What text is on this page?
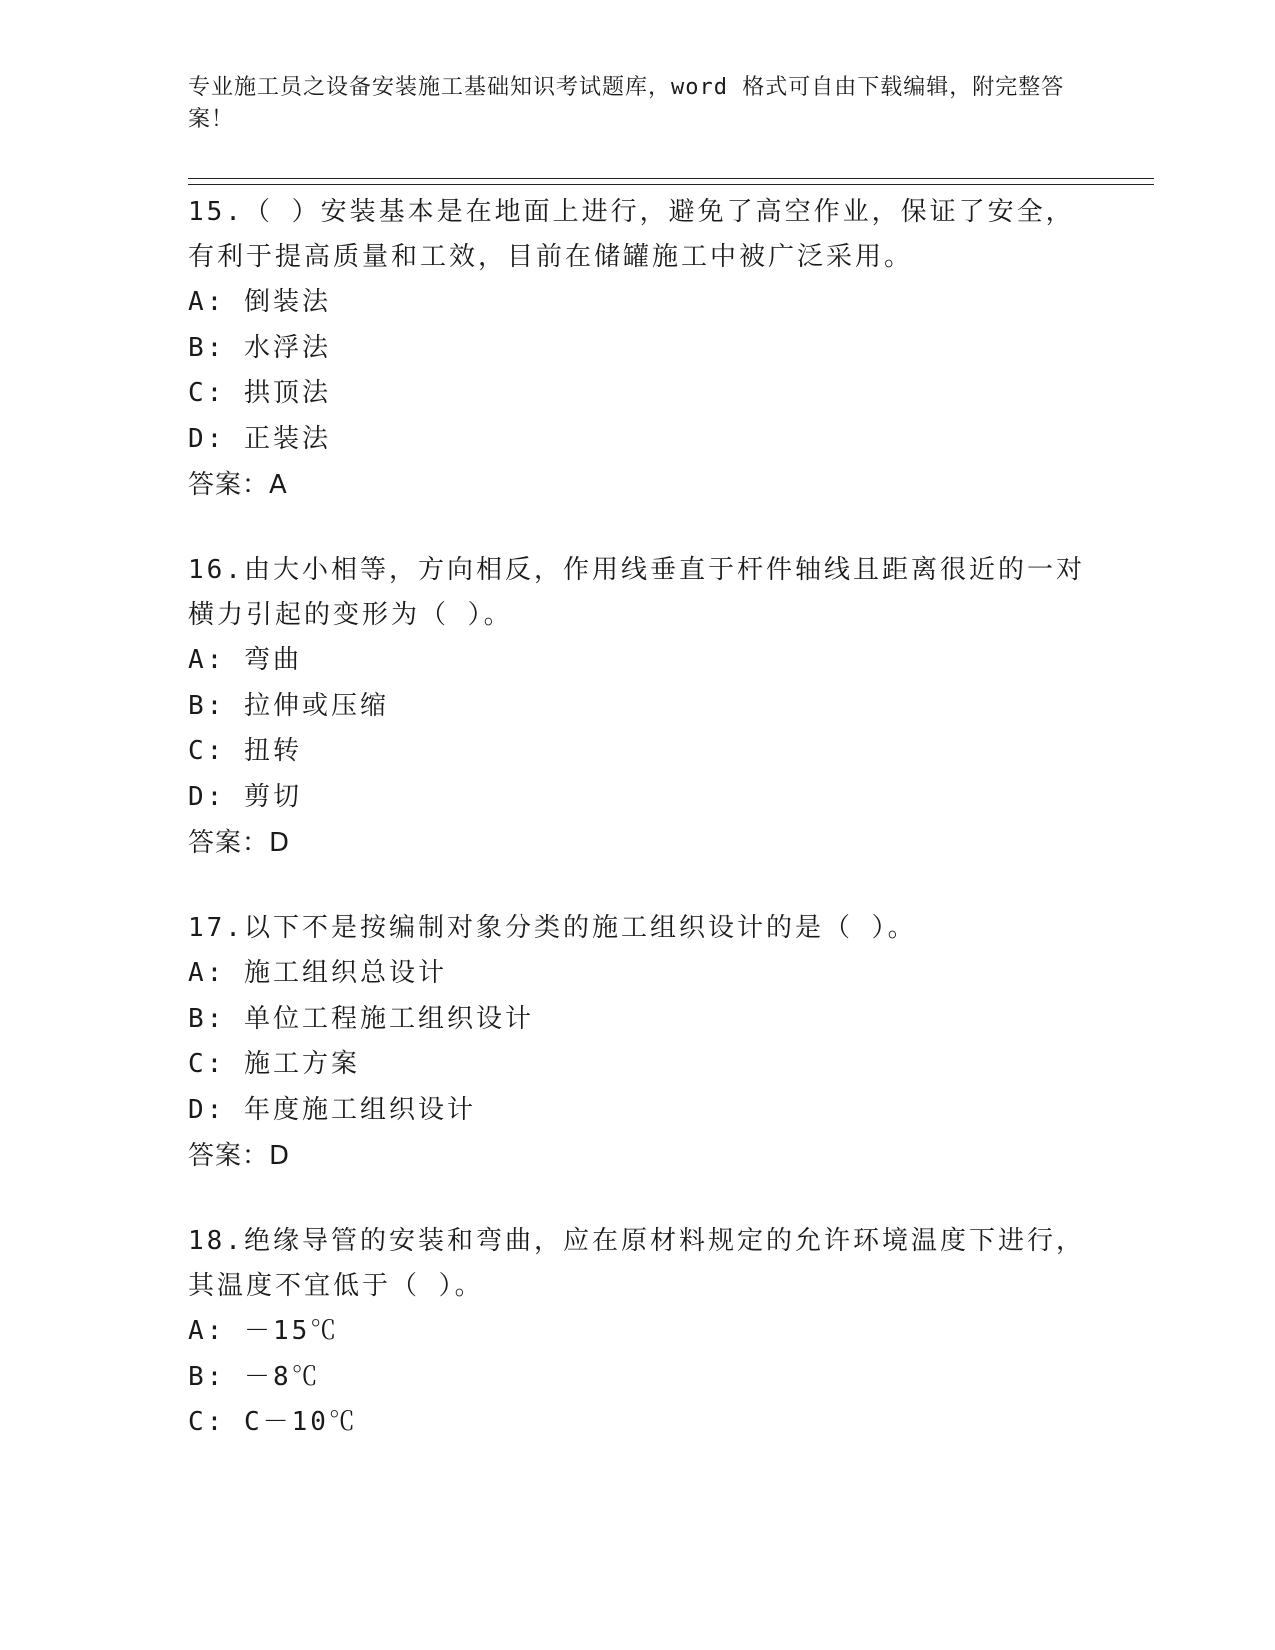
专业施工员之设备安装施工基础知识考试题库，word 格式可自由下载编辑，附完整答案！
15.（ ）安装基本是在地面上进行，避免了高空作业，保证了安全，有利于提高质量和工效，目前在储罐施工中被广泛采用。
A: 倒装法
B: 水浮法
C: 拱顶法
D: 正装法
答案：A
16.由大小相等，方向相反，作用线垂直于杆件轴线且距离很近的一对横力引起的变形为（ ）。
A: 弯曲
B: 拉伸或压缩
C: 扭转
D: 剪切
答案：D
17.以下不是按编制对象分类的施工组织设计的是（ ）。
A: 施工组织总设计
B: 单位工程施工组织设计
C: 施工方案
D: 年度施工组织设计
答案：D
18.绝缘导管的安装和弯曲，应在原材料规定的允许环境温度下进行，其温度不宜低于（ ）。
A: －15℃
B: －8℃
C: C－10℃
